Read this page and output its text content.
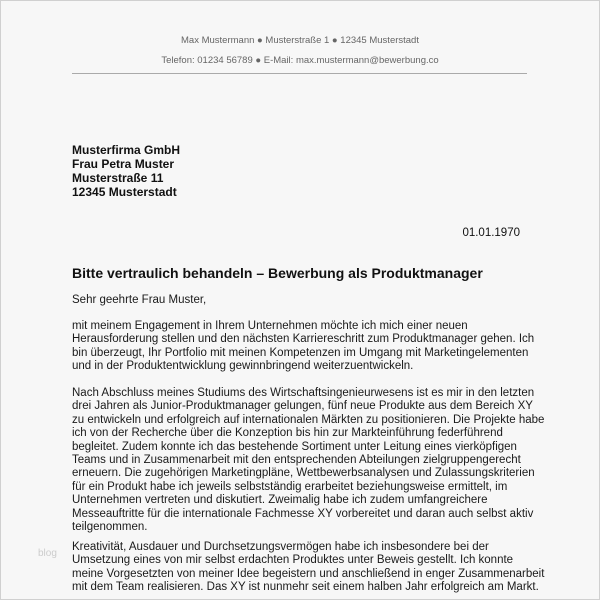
Max Mustermann ● Musterstraße 1 ● 12345 Musterstadt
Telefon: 01234 56789 ● E-Mail: max.mustermann@bewerbung.co
Musterfirma GmbH
Frau Petra Muster
Musterstraße 11
12345 Musterstadt
01.01.1970
Bitte vertraulich behandeln – Bewerbung als Produktmanager
Sehr geehrte Frau Muster,
mit meinem Engagement in Ihrem Unternehmen möchte ich mich einer neuen
Herausforderung stellen und den nächsten Karriereschritt zum Produktmanager gehen. Ich
bin überzeugt, Ihr Portfolio mit meinen Kompetenzen im Umgang mit Marketingelementen
und in der Produktentwicklung gewinnbringend weiterzuentwickeln.
Nach Abschluss meines Studiums des Wirtschaftsingenieurwesens ist es mir in den letzten
drei Jahren als Junior-Produktmanager gelungen, fünf neue Produkte aus dem Bereich XY
zu entwickeln und erfolgreich auf internationalen Märkten zu positionieren. Die Projekte habe
ich von der Recherche über die Konzeption bis hin zur Markteinführung federführend
begleitet. Zudem konnte ich das bestehende Sortiment unter Leitung eines vierköpfigen
Teams und in Zusammenarbeit mit den entsprechenden Abteilungen zielgruppengerecht
erneuern. Die zugehörigen Marketingpläne, Wettbewerbsanalysen und Zulassungskriterien
für ein Produkt habe ich jeweils selbstständig erarbeitet beziehungsweise ermittelt, im
Unternehmen vertreten und diskutiert. Zweimalig habe ich zudem umfangreichere
Messeauftritte für die internationale Fachmesse XY vorbereitet und daran auch selbst aktiv
teilgenommen.
Kreativität, Ausdauer und Durchsetzungsvermögen habe ich insbesondere bei der
Umsetzung eines von mir selbst erdachten Produktes unter Beweis gestellt. Ich konnte
meine Vorgesetzten von meiner Idee begeistern und anschließend in enger Zusammenarbeit
mit dem Team realisieren. Das XY ist nunmehr seit einem halben Jahr erfolgreich am Markt.
blog
